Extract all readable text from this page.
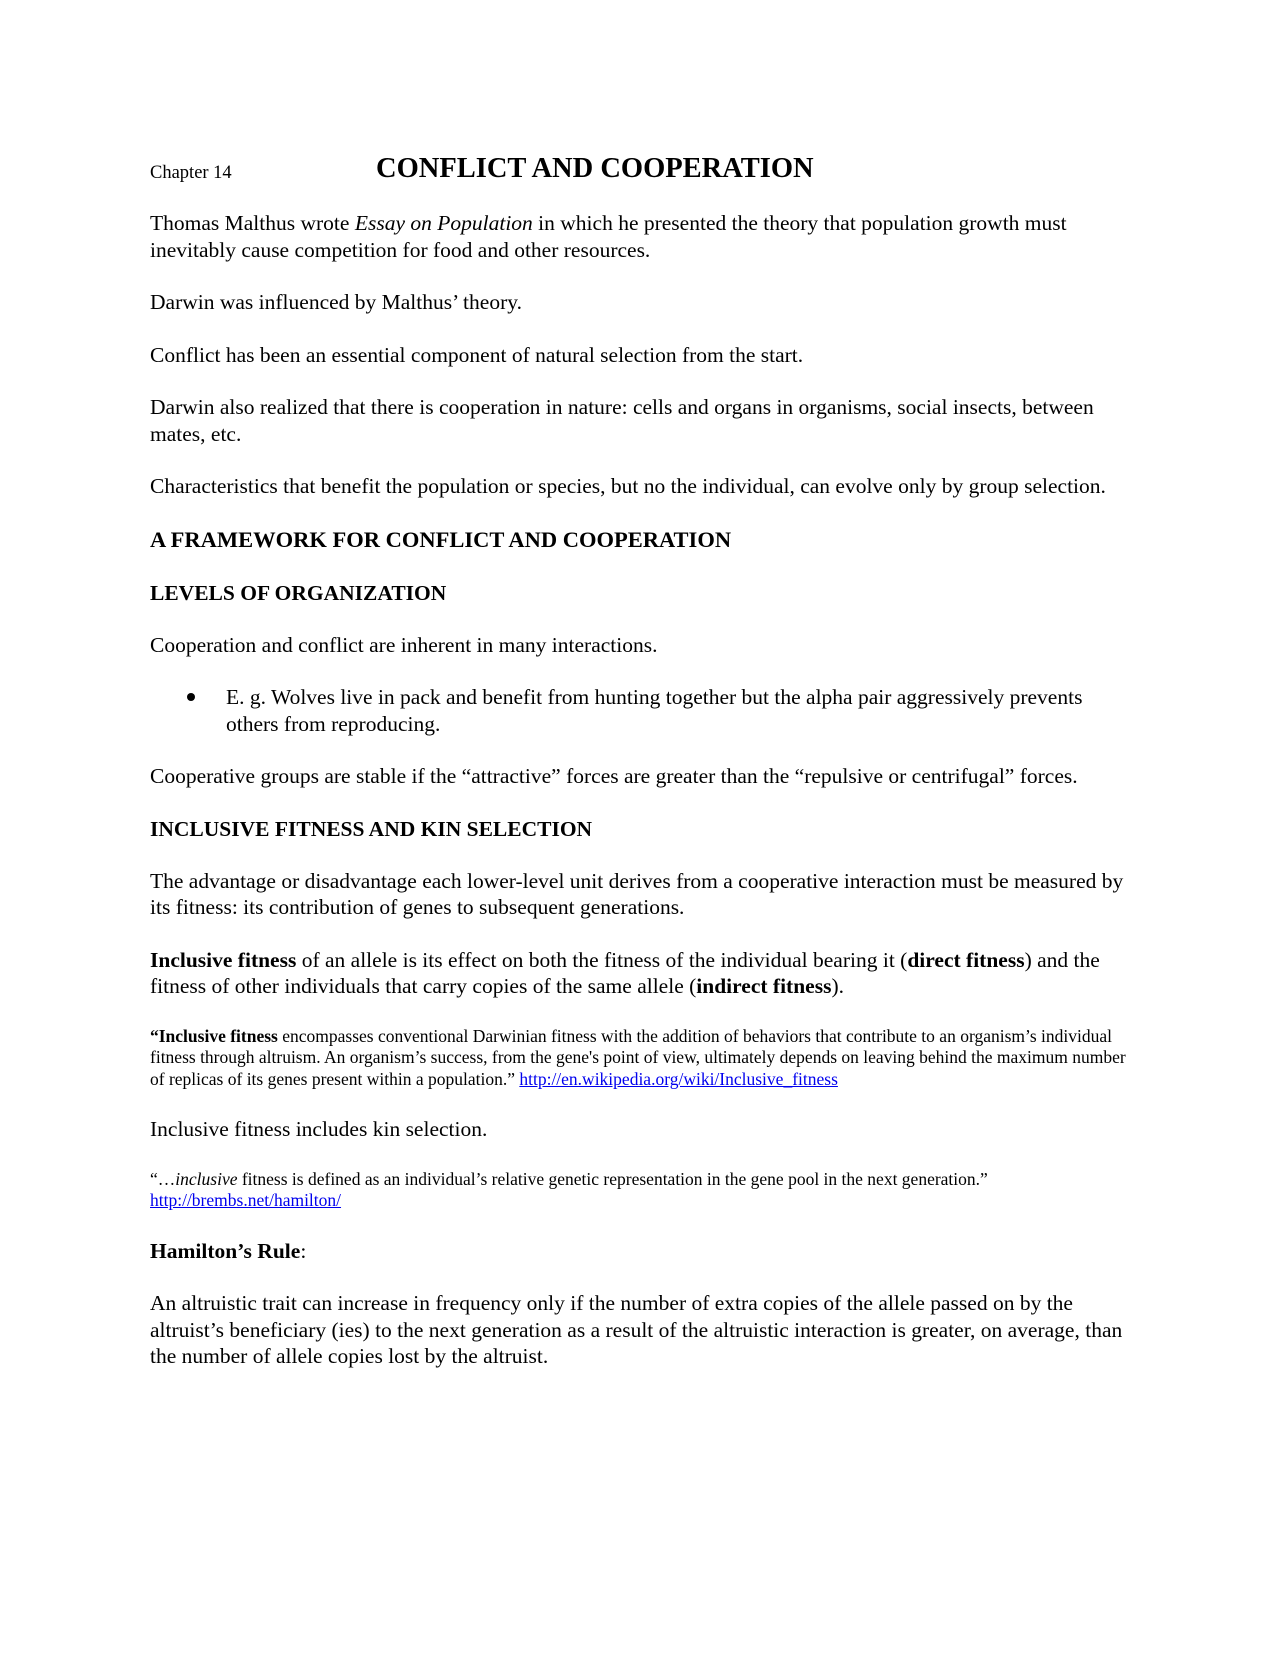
Chapter 14	CONFLICT AND COOPERATION

Thomas Malthus wrote Essay on Population in which he presented the theory that population growth must inevitably cause competition for food and other resources.

Darwin was influenced by Malthus’ theory.

Conflict has been an essential component of natural selection from the start.

Darwin also realized that there is cooperation in nature: cells and organs in organisms, social insects, between mates, etc.

Characteristics that benefit the population or species, but no the individual, can evolve only by group selection.

A FRAMEWORK FOR CONFLICT AND COOPERATION

LEVELS OF ORGANIZATION

Cooperation and conflict are inherent in many interactions.

E. g. Wolves live in pack and benefit from hunting together but the alpha pair aggressively prevents others from reproducing.

Cooperative groups are stable if the “attractive” forces are greater than the “repulsive or centrifugal” forces.

INCLUSIVE FITNESS AND KIN SELECTION

The advantage or disadvantage each lower-level unit derives from a cooperative interaction must be measured by its fitness: its contribution of genes to subsequent generations.

Inclusive fitness of an allele is its effect on both the fitness of the individual bearing it (direct fitness) and the fitness of other individuals that carry copies of the same allele (indirect fitness).

“Inclusive fitness encompasses conventional Darwinian fitness with the addition of behaviors that contribute to an organism’s individual fitness through altruism. An organism’s success, from the gene's point of view, ultimately depends on leaving behind the maximum number of replicas of its genes present within a population.” http://en.wikipedia.org/wiki/Inclusive_fitness

Inclusive fitness includes kin selection.

“…inclusive fitness is defined as an individual’s relative genetic representation in the gene pool in the next generation.”
http://brembs.net/hamilton/

Hamilton’s Rule:

An altruistic trait can increase in frequency only if the number of extra copies of the allele passed on by the altruist’s beneficiary (ies) to the next generation as a result of the altruistic interaction is greater, on average, than the number of allele copies lost by the altruist.
